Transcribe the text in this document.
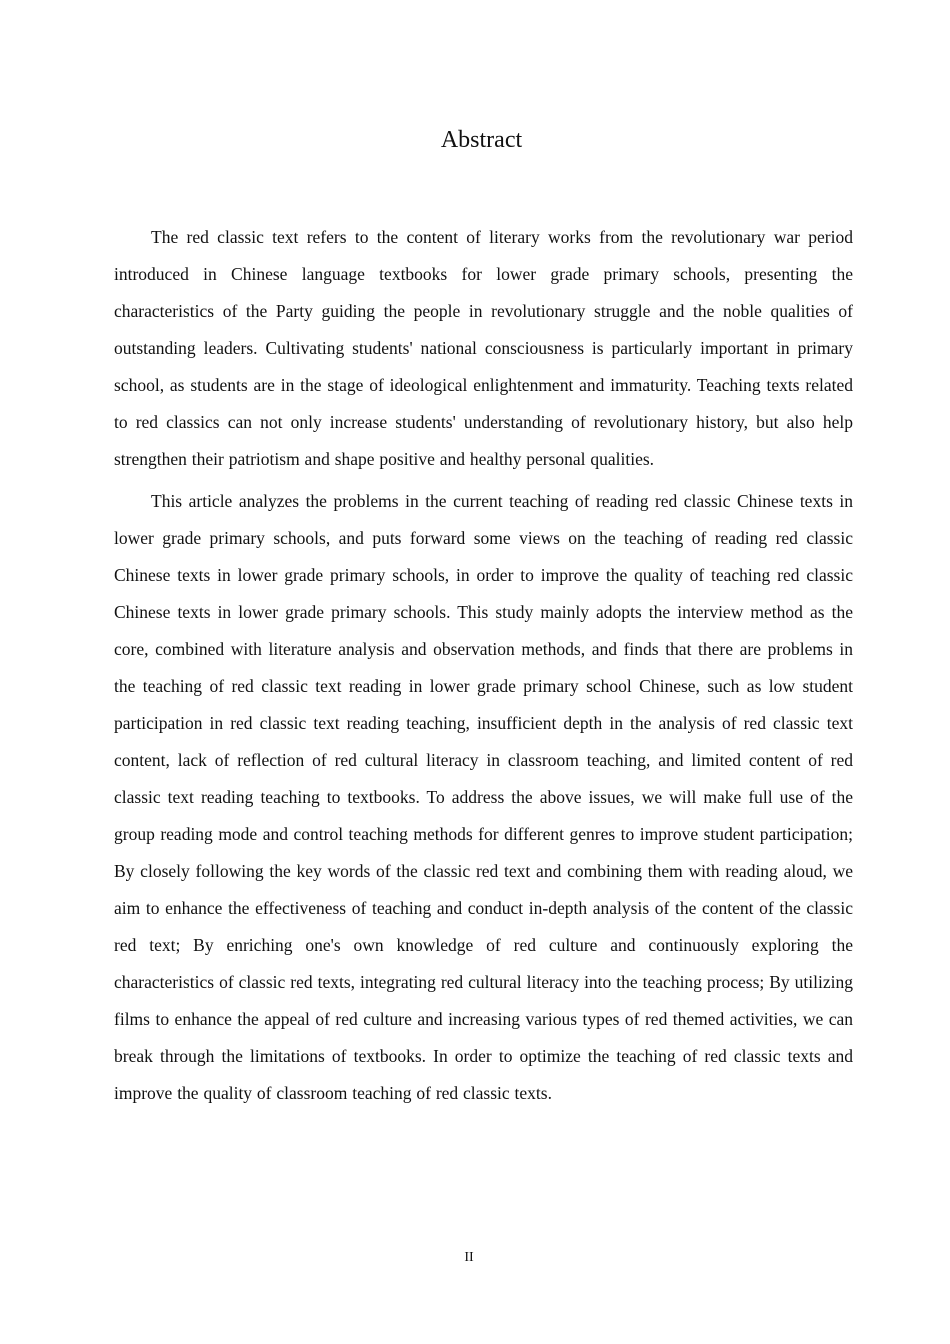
Abstract

The red classic text refers to the content of literary works from the revolutionary war period introduced in Chinese language textbooks for lower grade primary schools, presenting the characteristics of the Party guiding the people in revolutionary struggle and the noble qualities of outstanding leaders. Cultivating students' national consciousness is particularly important in primary school, as students are in the stage of ideological enlightenment and immaturity. Teaching texts related to red classics can not only increase students' understanding of revolutionary history, but also help strengthen their patriotism and shape positive and healthy personal qualities.

This article analyzes the problems in the current teaching of reading red classic Chinese texts in lower grade primary schools, and puts forward some views on the teaching of reading red classic Chinese texts in lower grade primary schools, in order to improve the quality of teaching red classic Chinese texts in lower grade primary schools. This study mainly adopts the interview method as the core, combined with literature analysis and observation methods, and finds that there are problems in the teaching of red classic text reading in lower grade primary school Chinese, such as low student participation in red classic text reading teaching, insufficient depth in the analysis of red classic text content, lack of reflection of red cultural literacy in classroom teaching, and limited content of red classic text reading teaching to textbooks. To address the above issues, we will make full use of the group reading mode and control teaching methods for different genres to improve student participation; By closely following the key words of the classic red text and combining them with reading aloud, we aim to enhance the effectiveness of teaching and conduct in-depth analysis of the content of the classic red text; By enriching one's own knowledge of red culture and continuously exploring the characteristics of classic red texts, integrating red cultural literacy into the teaching process; By utilizing films to enhance the appeal of red culture and increasing various types of red themed activities, we can break through the limitations of textbooks. In order to optimize the teaching of red classic texts and improve the quality of classroom teaching of red classic texts.

II
